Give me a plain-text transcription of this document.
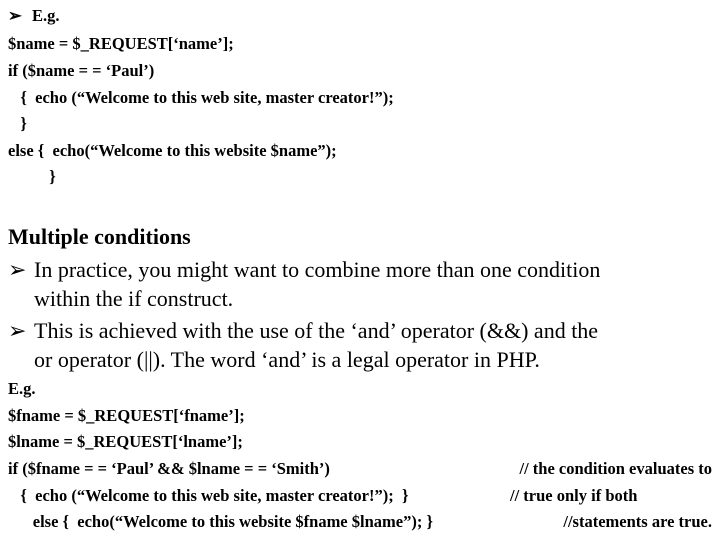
➢ E.g.
$name = $_REQUEST[‘name’];
if ($name = = ‘Paul’)
{  echo (“Welcome to this web site, master creator!”);
}
else {  echo(“Welcome to this website $name”);
}
Multiple conditions
➢ In practice, you might want to combine more than one condition
within the if construct.
➢ This is achieved with the use of the ‘and’ operator (&&) and the
or operator (||). The word ‘and’ is a legal operator in PHP.
E.g.
$fname = $_REQUEST[‘fname’];
$lname = $_REQUEST[‘lname’];
if ($fname = = ‘Paul’ && $lname = = ‘Smith’)
{  echo (“Welcome to this web site, master creator!”);  }
else {  echo(“Welcome to this website $fname $lname”); }
// the condition evaluates to
// true only if both
//statements are true.
